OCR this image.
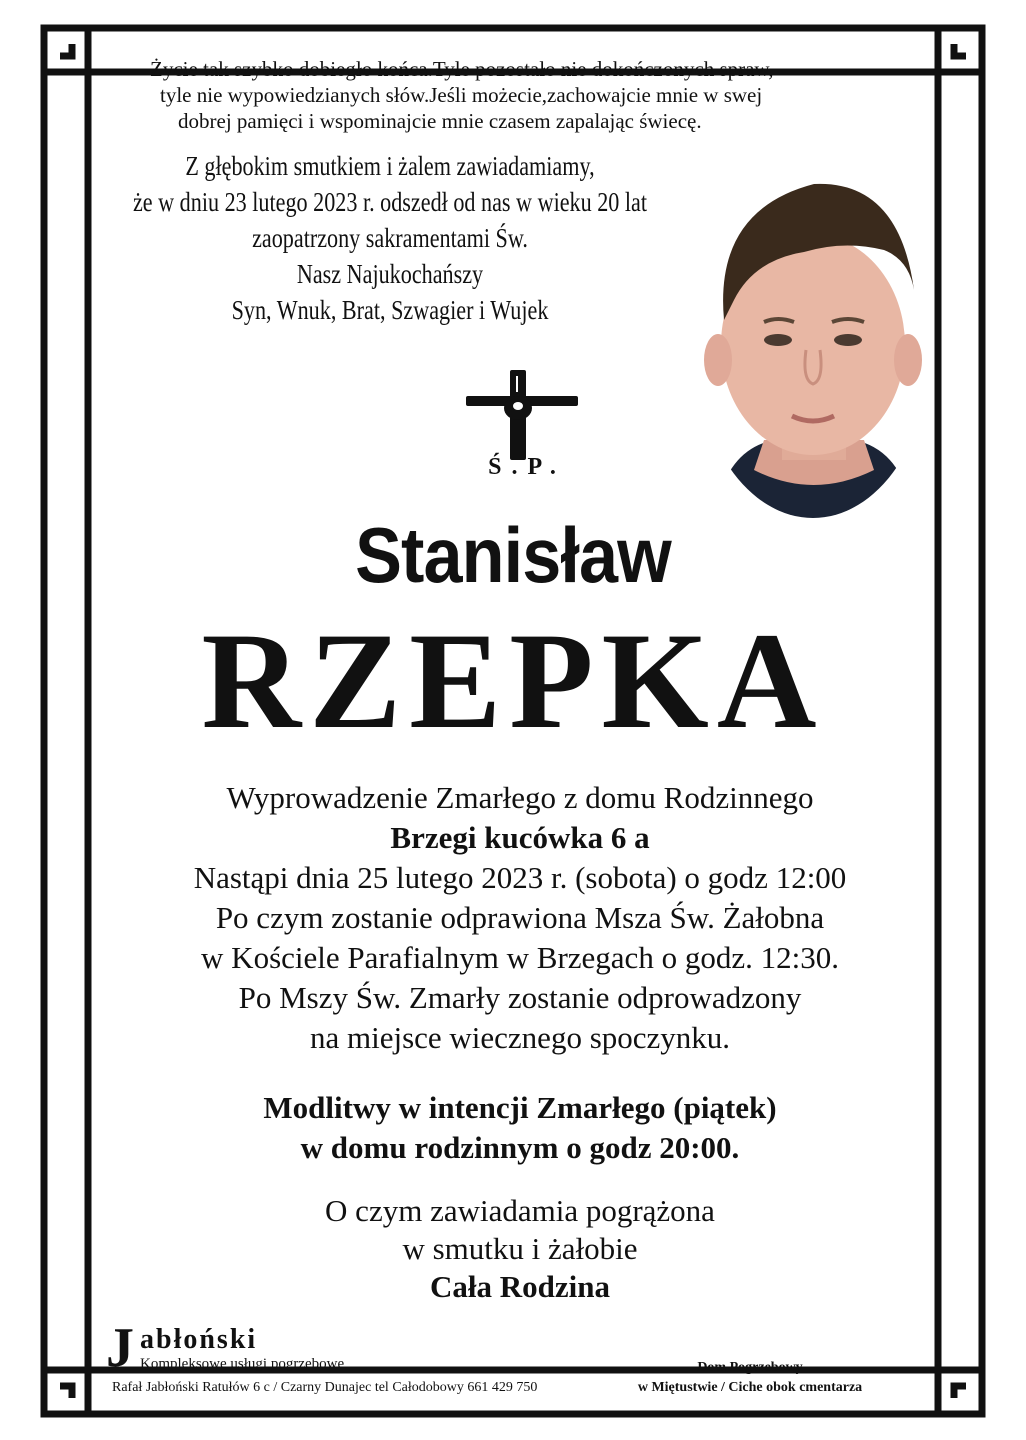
Życie tak szybko dobiegło końca.Tyle pozostało nie dokończonych spraw,
tyle nie wypowiedzianych słów.Jeśli możecie,zachowajcie mnie w swej
dobrej pamięci i wspominajcie mnie czasem zapalając świecę.
Z głębokim smutkiem i żalem zawiadamiamy,
że w dniu 23 lutego 2023 r. odszedł od nas w wieku 20 lat
zaopatrzony sakramentami Św.
Nasz Najukochańszy
Syn, Wnuk, Brat, Szwagier i Wujek
Ś.P.
Stanisław
RZEPKA
Wyprowadzenie Zmarłego z domu Rodzinnego
Brzegi kucówka 6 a
Nastąpi dnia 25 lutego 2023 r. (sobota) o godz 12:00
Po czym zostanie odprawiona Msza Św. Żałobna
w Kościele Parafialnym w Brzegach o godz. 12:30.
Po Mszy Św. Zmarły zostanie odprowadzony
na miejsce wiecznego spoczynku.
Modlitwy w intencji Zmarłego (piątek)
w domu rodzinnym o godz 20:00.
O czym zawiadamia pogrążona
w smutku i żałobie
Cała Rodzina
J abłoński
Kompleksowe usługi pogrzebowe
Rafał Jabłoński Ratułów 6 c / Czarny Dunajec tel Całodobowy 661 429 750
Dom Pogrzebowy
w Miętustwie / Ciche obok cmentarza
